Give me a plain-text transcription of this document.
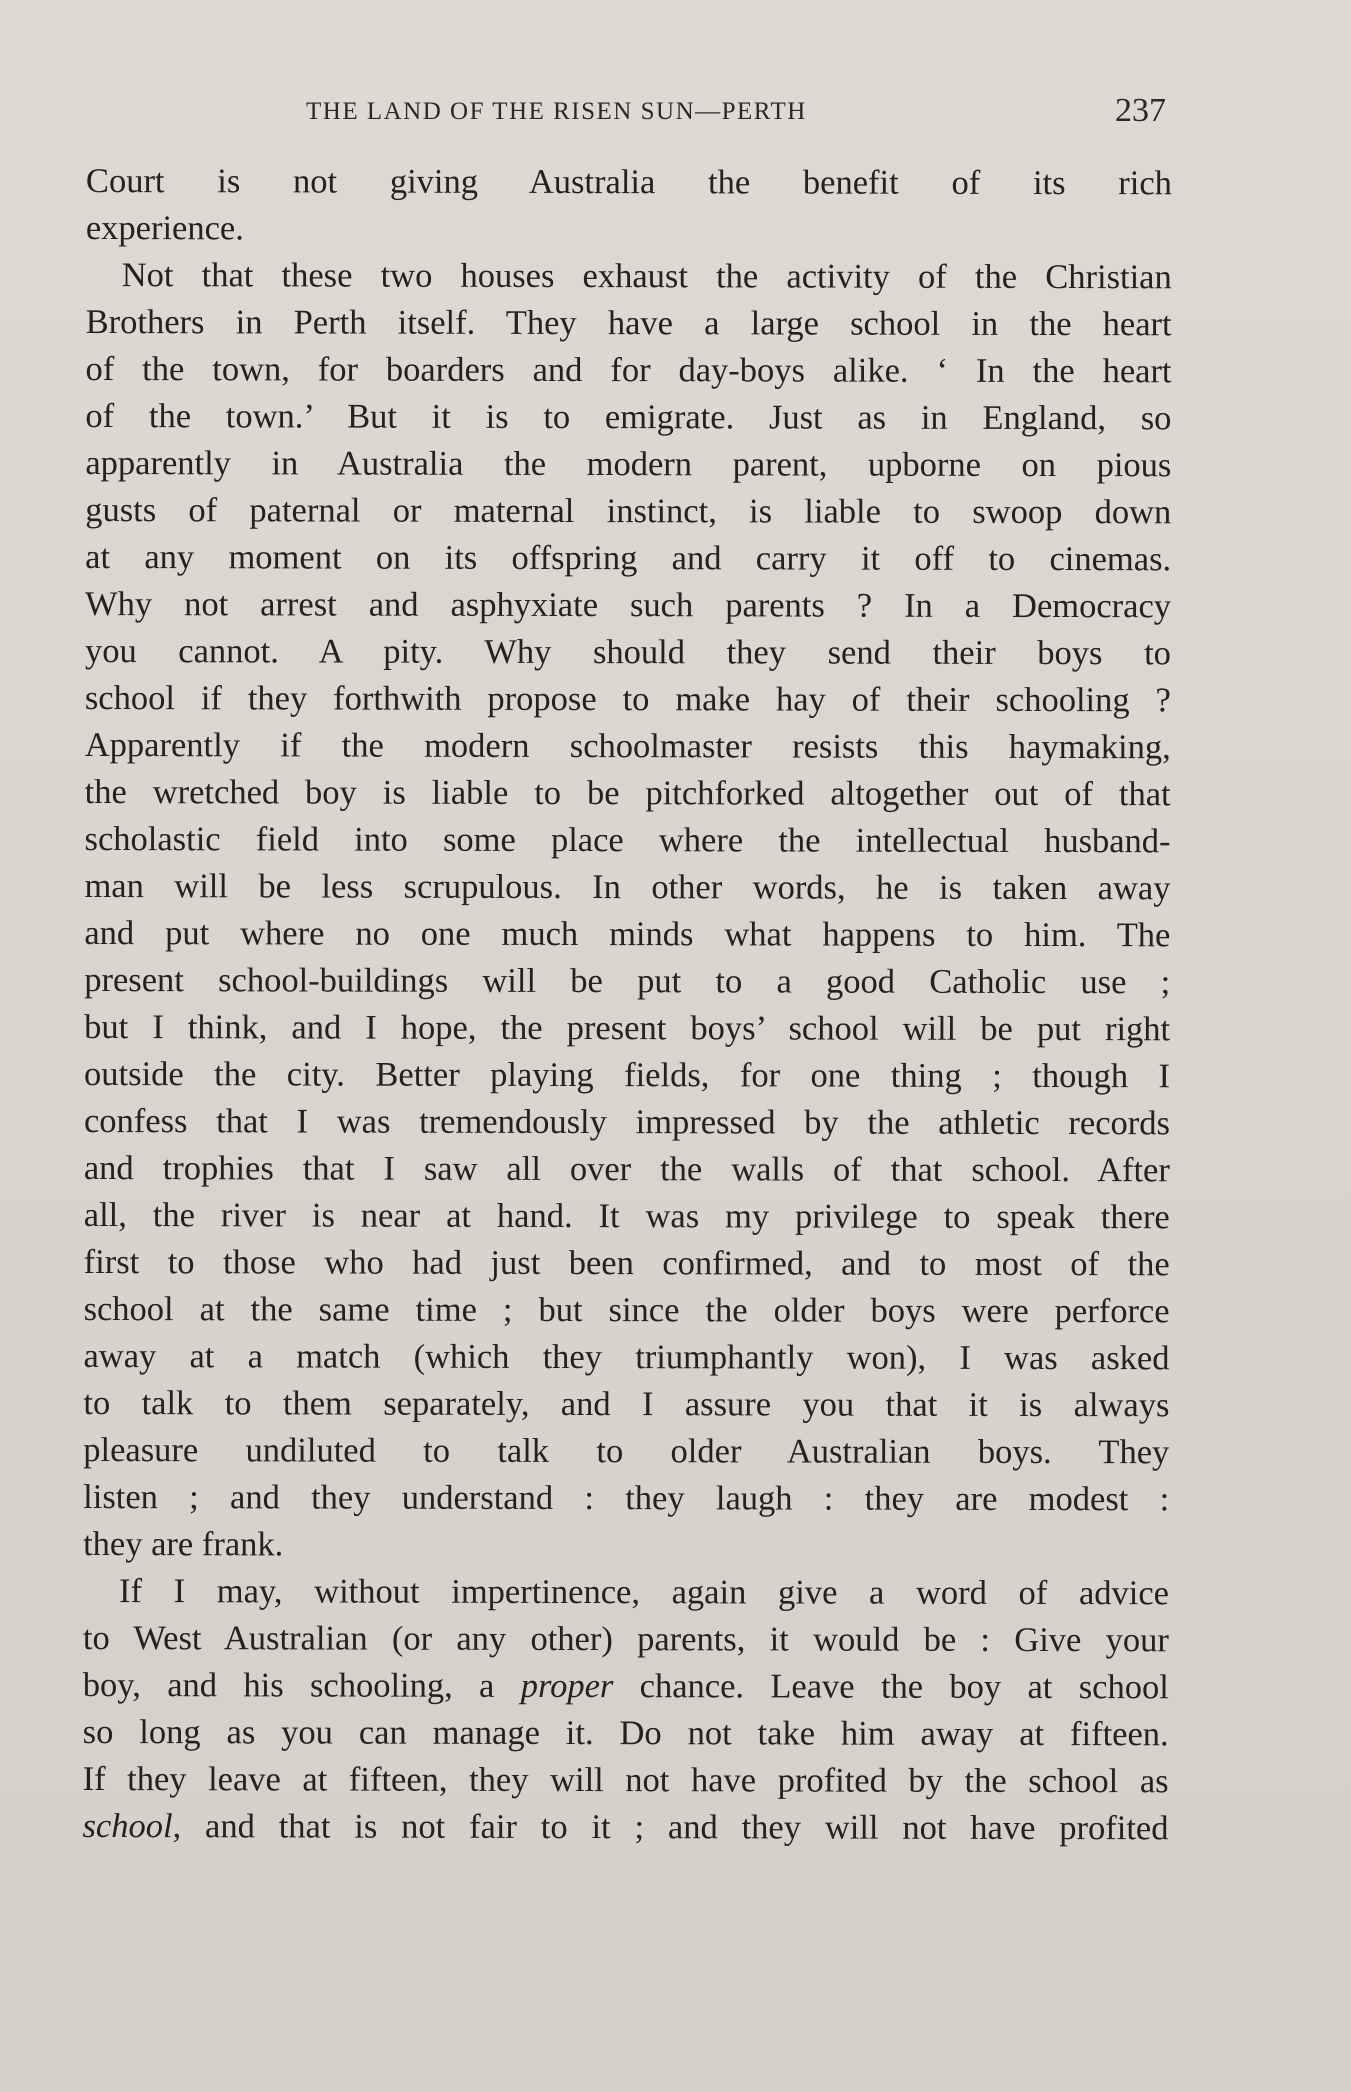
THE LAND OF THE RISEN SUN—PERTH	237
Court is not giving Australia the benefit of its rich
experience.
Not that these two houses exhaust the activity of the Christian
Brothers in Perth itself. They have a large school in the heart
of the town, for boarders and for day-boys alike. ‘ In the heart
of the town.’ But it is to emigrate. Just as in England, so
apparently in Australia the modern parent, upborne on pious
gusts of paternal or maternal instinct, is liable to swoop down
at any moment on its offspring and carry it off to cinemas.
Why not arrest and asphyxiate such parents ? In a Democracy
you cannot. A pity. Why should they send their boys to
school if they forthwith propose to make hay of their schooling ?
Apparently if the modern schoolmaster resists this haymaking,
the wretched boy is liable to be pitchforked altogether out of that
scholastic field into some place where the intellectual husband-
man will be less scrupulous. In other words, he is taken away
and put where no one much minds what happens to him. The
present school-buildings will be put to a good Catholic use ;
but I think, and I hope, the present boys’ school will be put right
outside the city. Better playing fields, for one thing ; though I
confess that I was tremendously impressed by the athletic records
and trophies that I saw all over the walls of that school. After
all, the river is near at hand. It was my privilege to speak there
first to those who had just been confirmed, and to most of the
school at the same time ; but since the older boys were perforce
away at a match (which they triumphantly won), I was asked
to talk to them separately, and I assure you that it is always
pleasure undiluted to talk to older Australian boys. They
listen ; and they understand : they laugh : they are modest :
they are frank.
If I may, without impertinence, again give a word of advice
to West Australian (or any other) parents, it would be : Give your
boy, and his schooling, a proper chance. Leave the boy at school
so long as you can manage it. Do not take him away at fifteen.
If they leave at fifteen, they will not have profited by the school as
school, and that is not fair to it ; and they will not have profited
